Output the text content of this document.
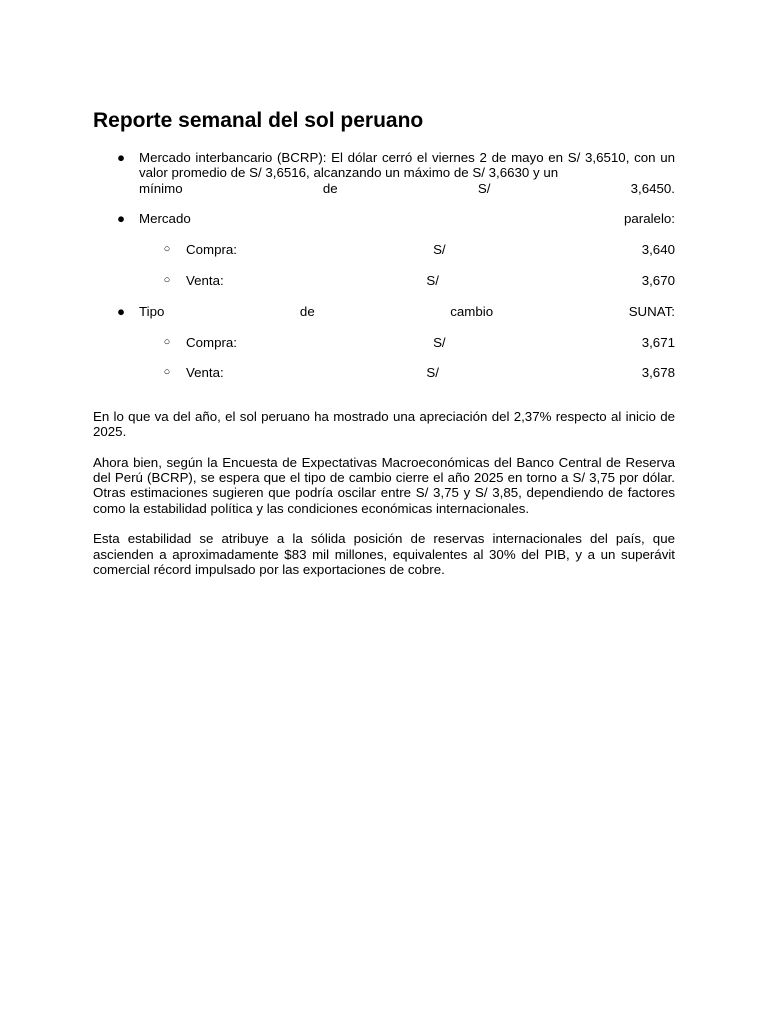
Reporte semanal del sol peruano
● Mercado interbancario (BCRP): El dólar cerró el viernes 2 de mayo en S/ 3,6510, con un valor promedio de S/ 3,6516, alcanzando un máximo de S/ 3,6630 y un
mínimo	de	S/	3,6450.
● Mercado	paralelo:
○ Compra:	S/	3,640
○ Venta:	S/	3,670
● Tipo	de	cambio	SUNAT:
○ Compra:	S/	3,671
○ Venta:	S/	3,678

En lo que va del año, el sol peruano ha mostrado una apreciación del 2,37% respecto al inicio de 2025.

Ahora bien, según la Encuesta de Expectativas Macroeconómicas del Banco Central de Reserva del Perú (BCRP), se espera que el tipo de cambio cierre el año 2025 en torno a S/ 3,75 por dólar. Otras estimaciones sugieren que podría oscilar entre S/ 3,75 y S/ 3,85, dependiendo de factores como la estabilidad política y las condiciones económicas internacionales.

Esta estabilidad se atribuye a la sólida posición de reservas internacionales del país, que ascienden a aproximadamente $83 mil millones, equivalentes al 30% del PIB, y a un superávit comercial récord impulsado por las exportaciones de cobre.
